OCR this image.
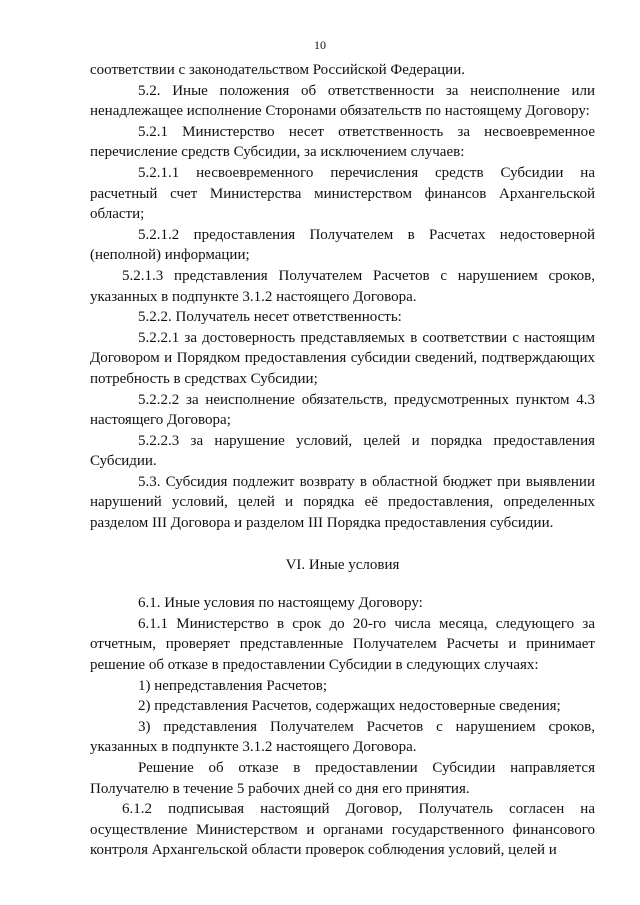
10

соответствии с законодательством Российской Федерации.

5.2. Иные положения об ответственности за неисполнение или ненадлежащее исполнение Сторонами обязательств по настоящему Договору:

5.2.1 Министерство несет ответственность за несвоевременное перечисление средств Субсидии, за исключением случаев:

5.2.1.1 несвоевременного перечисления средств Субсидии на расчетный счет Министерства министерством финансов Архангельской области;

5.2.1.2 предоставления Получателем в Расчетах недостоверной (неполной) информации;

5.2.1.3 представления Получателем Расчетов с нарушением сроков, указанных в подпункте 3.1.2 настоящего Договора.

5.2.2. Получатель несет ответственность:

5.2.2.1 за достоверность представляемых в соответствии с настоящим Договором и Порядком предоставления субсидии сведений, подтверждающих потребность в средствах Субсидии;

5.2.2.2 за неисполнение обязательств, предусмотренных пунктом 4.3 настоящего Договора;

5.2.2.3 за нарушение условий, целей и порядка предоставления Субсидии.

5.3. Субсидия подлежит возврату в областной бюджет при выявлении нарушений условий, целей и порядка её предоставления, определенных разделом III Договора и разделом III Порядка предоставления субсидии.

VI. Иные условия

6.1. Иные условия по настоящему Договору:

6.1.1 Министерство в срок до 20-го числа месяца, следующего за отчетным, проверяет представленные Получателем Расчеты и принимает решение об отказе в предоставлении Субсидии в следующих случаях:

1) непредставления Расчетов;

2) представления Расчетов, содержащих недостоверные сведения;

3) представления Получателем Расчетов с нарушением сроков, указанных в подпункте 3.1.2 настоящего Договора.

Решение об отказе в предоставлении Субсидии направляется Получателю в течение 5 рабочих дней со дня его принятия.

6.1.2 подписывая настоящий Договор, Получатель согласен на осуществление Министерством и органами государственного финансового контроля Архангельской области проверок соблюдения условий, целей и
